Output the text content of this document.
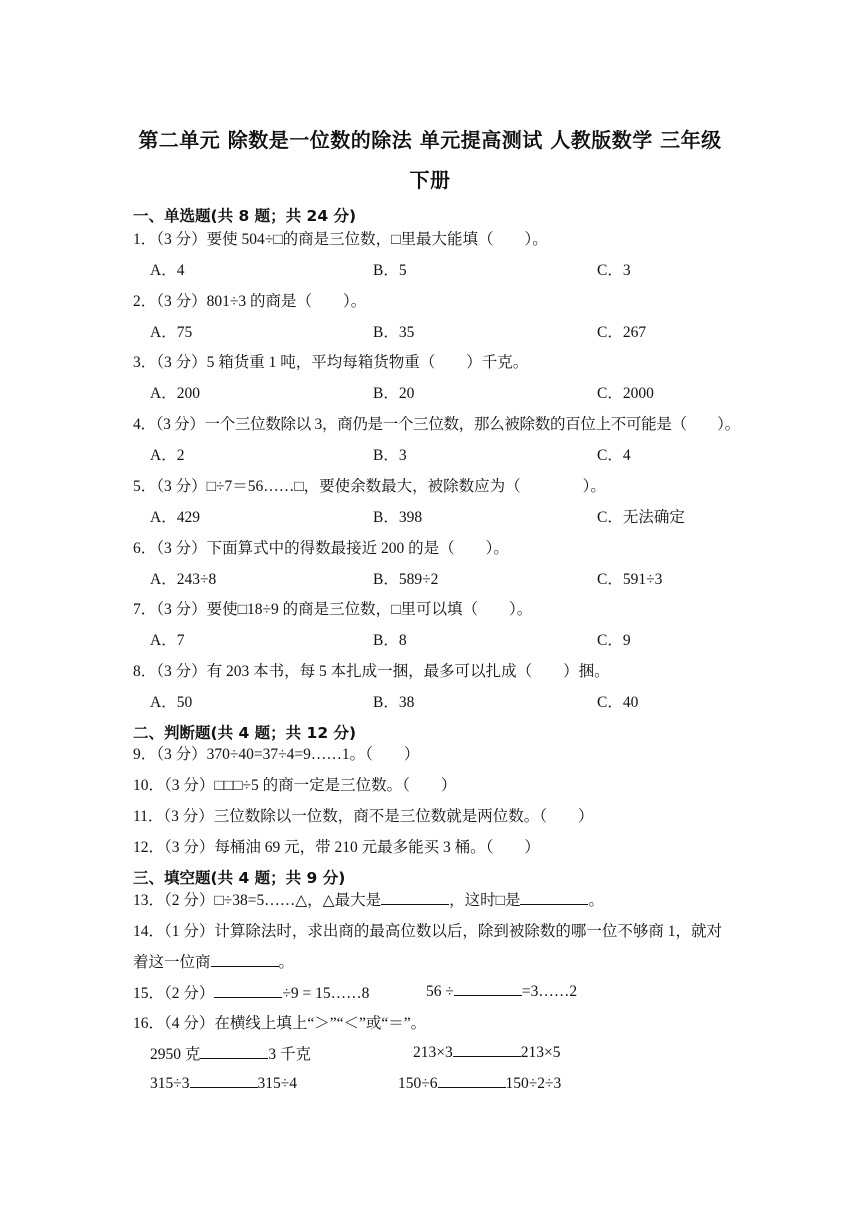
第二单元 除数是一位数的除法 单元提高测试 人教版数学 三年级
下册
一、单选题(共 8 题；共 24 分)
1．（3 分）要使 504÷□的商是三位数，□里最大能填（　　）。
A．4	B．5	C．3
2．（3 分）801÷3 的商是（　　）。
A．75	B．35	C．267
3．（3 分）5 箱货重 1 吨，平均每箱货物重（　　）千克。
A．200	B．20	C．2000
4．（3 分）一个三位数除以 3，商仍是一个三位数，那么被除数的百位上不可能是（　　）。
A．2	B．3	C．4
5．（3 分）□÷7＝56……□，要使余数最大，被除数应为（　　　　）。
A．429	B．398	C．无法确定
6．（3 分）下面算式中的得数最接近 200 的是（　　）。
A．243÷8	B．589÷2	C．591÷3
7．（3 分）要使□18÷9 的商是三位数，□里可以填（　　）。
A．7	B．8	C．9
8．（3 分）有 203 本书，每 5 本扎成一捆，最多可以扎成（　　）捆。
A．50	B．38	C．40
二、判断题(共 4 题；共 12 分)
9．（3 分）370÷40=37÷4=9……1。（　　）
10．（3 分）□□□÷5 的商一定是三位数。（　　）
11．（3 分）三位数除以一位数，商不是三位数就是两位数。（　　）
12．（3 分）每桶油 69 元，带 210 元最多能买 3 桶。（　　）
三、填空题(共 4 题；共 9 分)
13．（2 分）□÷38=5……△，△最大是	，这时□是	。
14．（1 分）计算除法时，求出商的最高位数以后，除到被除数的哪一位不够商 1，就对
着这一位商	。
15．（2 分）	÷9 = 15……8	56 ÷	=3……2
16．（4 分）在横线上填上“＞”“＜”或“＝”。
2950 克	3 千克	213×3	213×5
315÷3	315÷4	150÷6	150÷2÷3
